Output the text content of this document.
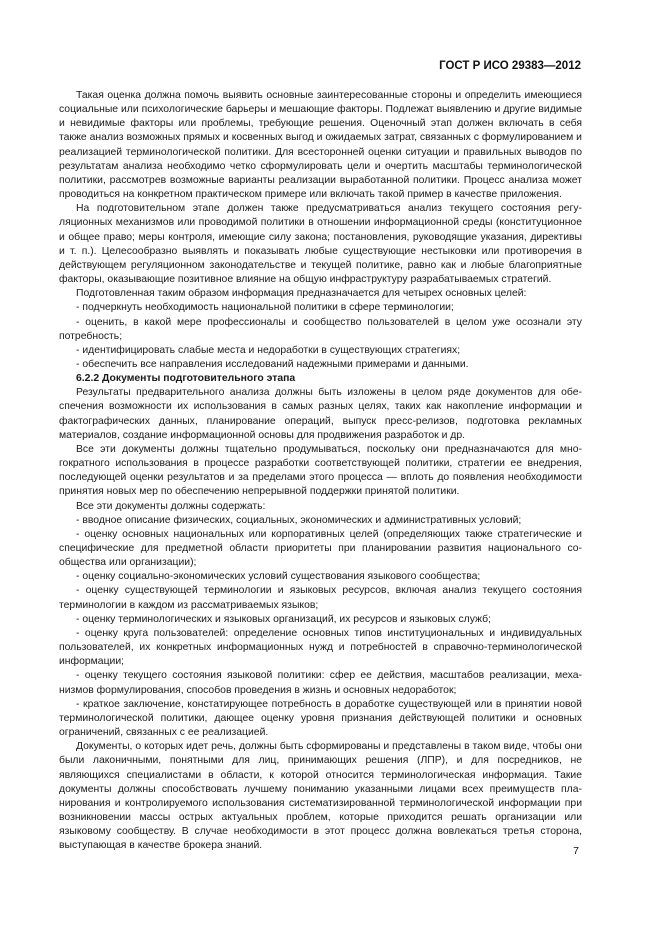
ГОСТ Р ИСО 29383—2012

Такая оценка должна помочь выявить основные заинтересованные стороны и определить имеющиеся социальные или психологические барьеры и мешающие факторы. Подлежат выявлению и другие видимые и невидимые факторы или проблемы, требующие решения. Оценочный этап должен включать в себя также анализ возможных прямых и косвенных выгод и ожидаемых затрат, связанных с формулированием и реализацией терминологической политики. Для всесторонней оценки ситуации и правильных выводов по результатам анализа необходимо четко сформулировать цели и очертить масштабы терминологической политики, рассмотрев возможные варианты реализации выработанной политики. Процесс анализа может проводиться на конкретном практическом примере или включать такой пример в качестве приложения.

На подготовительном этапе должен также предусматриваться анализ текущего состояния регуляционных механизмов или проводимой политики в отношении информационной среды (конституционное и общее право; меры контроля, имеющие силу закона; постановления, руководящие указания, директивы и т. п.). Целесообразно выявлять и показывать любые существующие нестыковки или противоречия в действующем регуляционном законодательстве и текущей политике, равно как и любые благоприятные факторы, оказывающие позитивное влияние на общую инфраструктуру разрабатываемых стратегий.

Подготовленная таким образом информация предназначается для четырех основных целей:

- подчеркнуть необходимость национальной политики в сфере терминологии;

- оценить, в какой мере профессионалы и сообщество пользователей в целом уже осознали эту потребность;

- идентифицировать слабые места и недоработки в существующих стратегиях;

- обеспечить все направления исследований надежными примерами и данными.

6.2.2 Документы подготовительного этапа

Результаты предварительного анализа должны быть изложены в целом ряде документов для обеспечения возможности их использования в самых разных целях, таких как накопление информации и фактографических данных, планирование операций, выпуск пресс-релизов, подготовка рекламных материалов, создание информационной основы для продвижения разработок и др.

Все эти документы должны тщательно продумываться, поскольку они предназначаются для многократного использования в процессе разработки соответствующей политики, стратегии ее внедрения, последующей оценки результатов и за пределами этого процесса — вплоть до появления необходимости принятия новых мер по обеспечению непрерывной поддержки принятой политики.

Все эти документы должны содержать:

- вводное описание физических, социальных, экономических и административных условий;

- оценку основных национальных или корпоративных целей (определяющих также стратегические и специфические для предметной области приоритеты при планировании развития национального сообщества или организации);

- оценку социально-экономических условий существования языкового сообщества;

- оценку существующей терминологии и языковых ресурсов, включая анализ текущего состояния терминологии в каждом из рассматриваемых языков;

- оценку терминологических и языковых организаций, их ресурсов и языковых служб;

- оценку круга пользователей: определение основных типов институциональных и индивидуальных пользователей, их конкретных информационных нужд и потребностей в справочно-терминологической информации;

- оценку текущего состояния языковой политики: сфер ее действия, масштабов реализации, механизмов формулирования, способов проведения в жизнь и основных недоработок;

- краткое заключение, констатирующее потребность в доработке существующей или в принятии новой терминологической политики, дающее оценку уровня признания действующей политики и основных ограничений, связанных с ее реализацией.

Документы, о которых идет речь, должны быть сформированы и представлены в таком виде, чтобы они были лаконичными, понятными для лиц, принимающих решения (ЛПР), и для посредников, не являющихся специалистами в области, к которой относится терминологическая информация. Такие документы должны способствовать лучшему пониманию указанными лицами всех преимуществ планирования и контролируемого использования систематизированной терминологической информации при возникновении массы острых актуальных проблем, которые приходится решать организации или языковому сообществу. В случае необходимости в этот процесс должна вовлекаться третья сторона, выступающая в качестве брокера знаний.	7
